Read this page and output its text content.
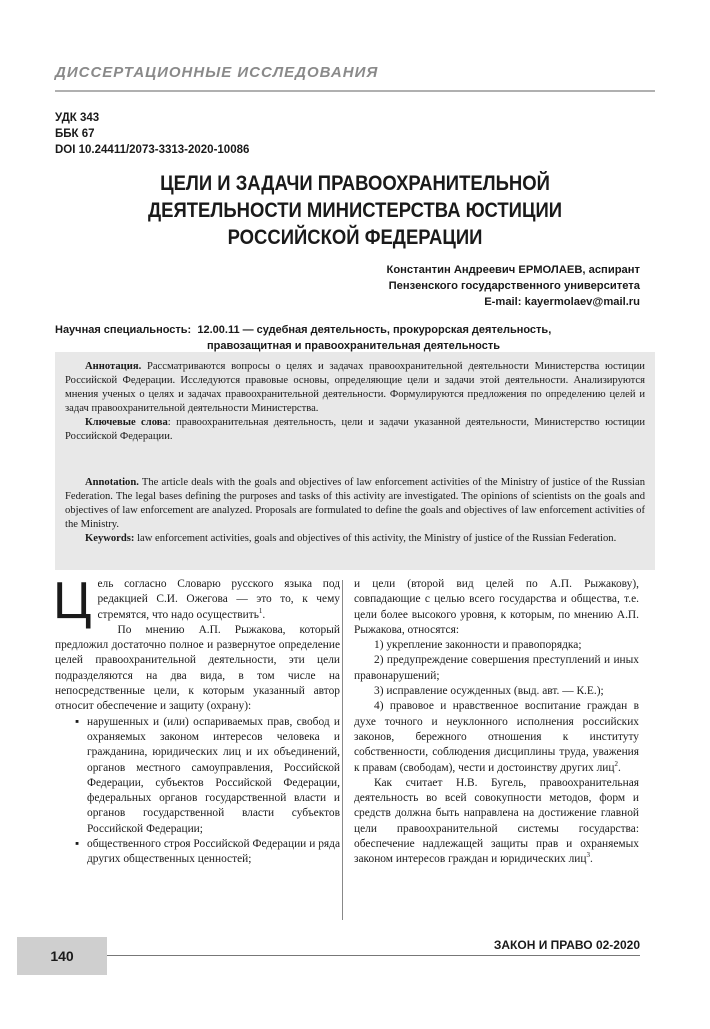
ДИССЕРТАЦИОННЫЕ ИССЛЕДОВАНИЯ
УДК 343
ББК 67
DOI 10.24411/2073-3313-2020-10086
ЦЕЛИ И ЗАДАЧИ ПРАВООХРАНИТЕЛЬНОЙ
ДЕЯТЕЛЬНОСТИ МИНИСТЕРСТВА ЮСТИЦИИ
РОССИЙСКОЙ ФЕДЕРАЦИИ
Константин Андреевич ЕРМОЛАЕВ, аспирант
Пензенского государственного университета
E-mail: kayermolaev@mail.ru
Научная специальность: 12.00.11 — судебная деятельность, прокурорская деятельность,
правозащитная и правоохранительная деятельность

Аннотация. Рассматриваются вопросы о целях и задачах правоохранительной деятельности Министерства юстиции Российской Федерации. Исследуются правовые основы, определяющие цели и задачи этой деятельности. Анализируются мнения ученых о целях и задачах правоохранительной деятельности. Формулируются предложения по определению целей и задач правоохранительной деятельности Министерства.

Ключевые слова: правоохранительная деятельность, цели и задачи указанной деятельности, Министерство юстиции Российской Федерации.

Annotation. The article deals with the goals and objectives of law enforcement activities of the Ministry of justice of the Russian Federation. The legal bases defining the purposes and tasks of this activity are investigated. The opinions of scientists on the goals and objectives of law enforcement are analyzed. Proposals are formulated to define the goals and objectives of law enforcement activities of the Ministry.

Keywords: law enforcement activities, goals and objectives of this activity, the Ministry of justice of the Russian Federation.

Ц ель согласно Словарю русского языка под редакцией С.И. Ожегова — это то, к чему стремятся, что надо осуществить$^1$.

По мнению А.П. Рыжакова, который предложил достаточно полное и развернутое определение целей правоохранительной деятельности, эти цели подразделяются на два вида, в том числе на непосредственные цели, к которым указанный автор относит обеспечение и защиту (охрану):

▪ нарушенных и (или) оспариваемых прав, свобод и охраняемых законом интересов человека и гражданина, юридических лиц и их объединений, органов местного самоуправления, Российской Федерации, субъектов Российской Федерации, федеральных органов государственной власти и органов государственной власти субъектов Российской Федерации;

▪ общественного строя Российской Федерации и ряда других общественных ценностей;

и цели (второй вид целей по А.П. Рыжакову), совпадающие с целью всего государства и общества, т.е. цели более высокого уровня, к которым, по мнению А.П. Рыжакова, относятся:

1) укрепление законности и правопорядка;

2) предупреждение совершения преступлений и иных правонарушений;

3) исправление осужденных (выд. авт. — К.Е.);

4) правовое и нравственное воспитание граждан в духе точного и неуклонного исполнения российских законов, бережного отношения к институту собственности, соблюдения дисциплины труда, уважения к правам (свободам), чести и достоинству других лиц$^2$.

Как считает Н.В. Бугель, правоохранительная деятельность во всей совокупности методов, форм и средств должна быть направлена на достижение главной цели правоохранительной системы государства: обеспечение надлежащей защиты прав и охраняемых законом интересов граждан и юридических лиц$^3$.

140
ЗАКОН И ПРАВО 02-2020
